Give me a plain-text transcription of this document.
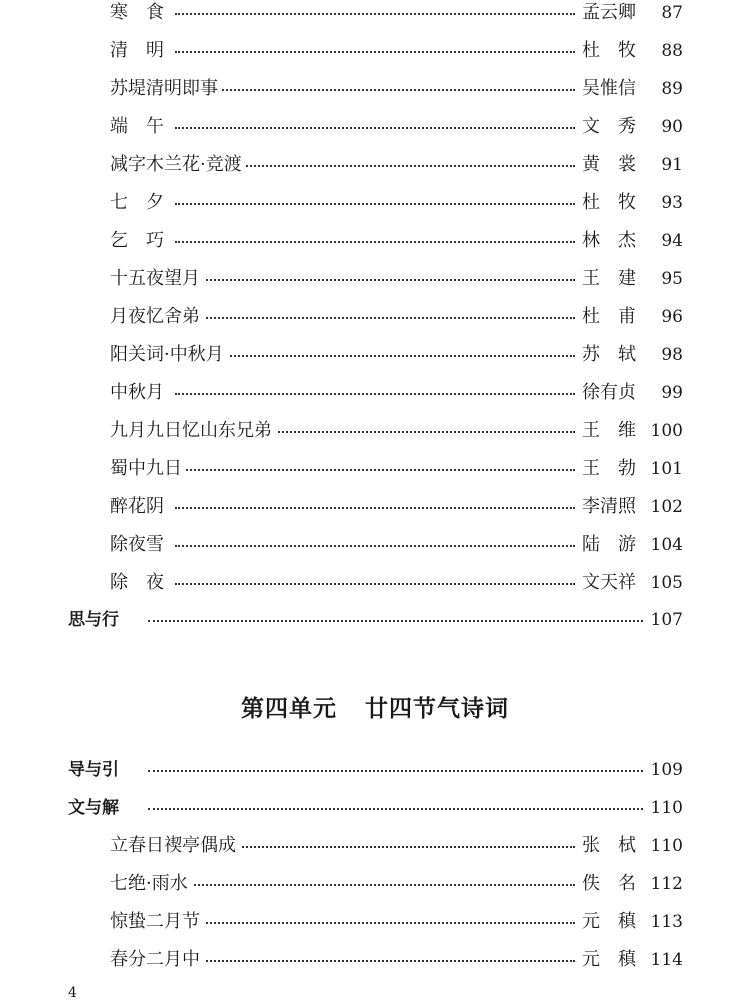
寒　食	孟云卿 87
清　明	杜　牧 88
苏堤清明即事	吴惟信 89
端　午	文　秀 90
减字木兰花·竞渡	黄　裳 91
七　夕	杜　牧 93
乞　巧	林　杰 94
十五夜望月	王　建 95
月夜忆舍弟	杜　甫 96
阳关词·中秋月	苏　轼 98
中秋月	徐有贞 99
九月九日忆山东兄弟	王　维 100
蜀中九日	王　勃 101
醉花阴	李清照 102
除夜雪	陆　游 104
除　夜	文天祥 105
思与行	107
第四单元 廿四节气诗词
导与引	109
文与解	110
立春日禊亭偶成	张　栻 110
七绝·雨水	佚　名 112
惊蛰二月节	元　稹 113
春分二月中	元　稹 114
4
